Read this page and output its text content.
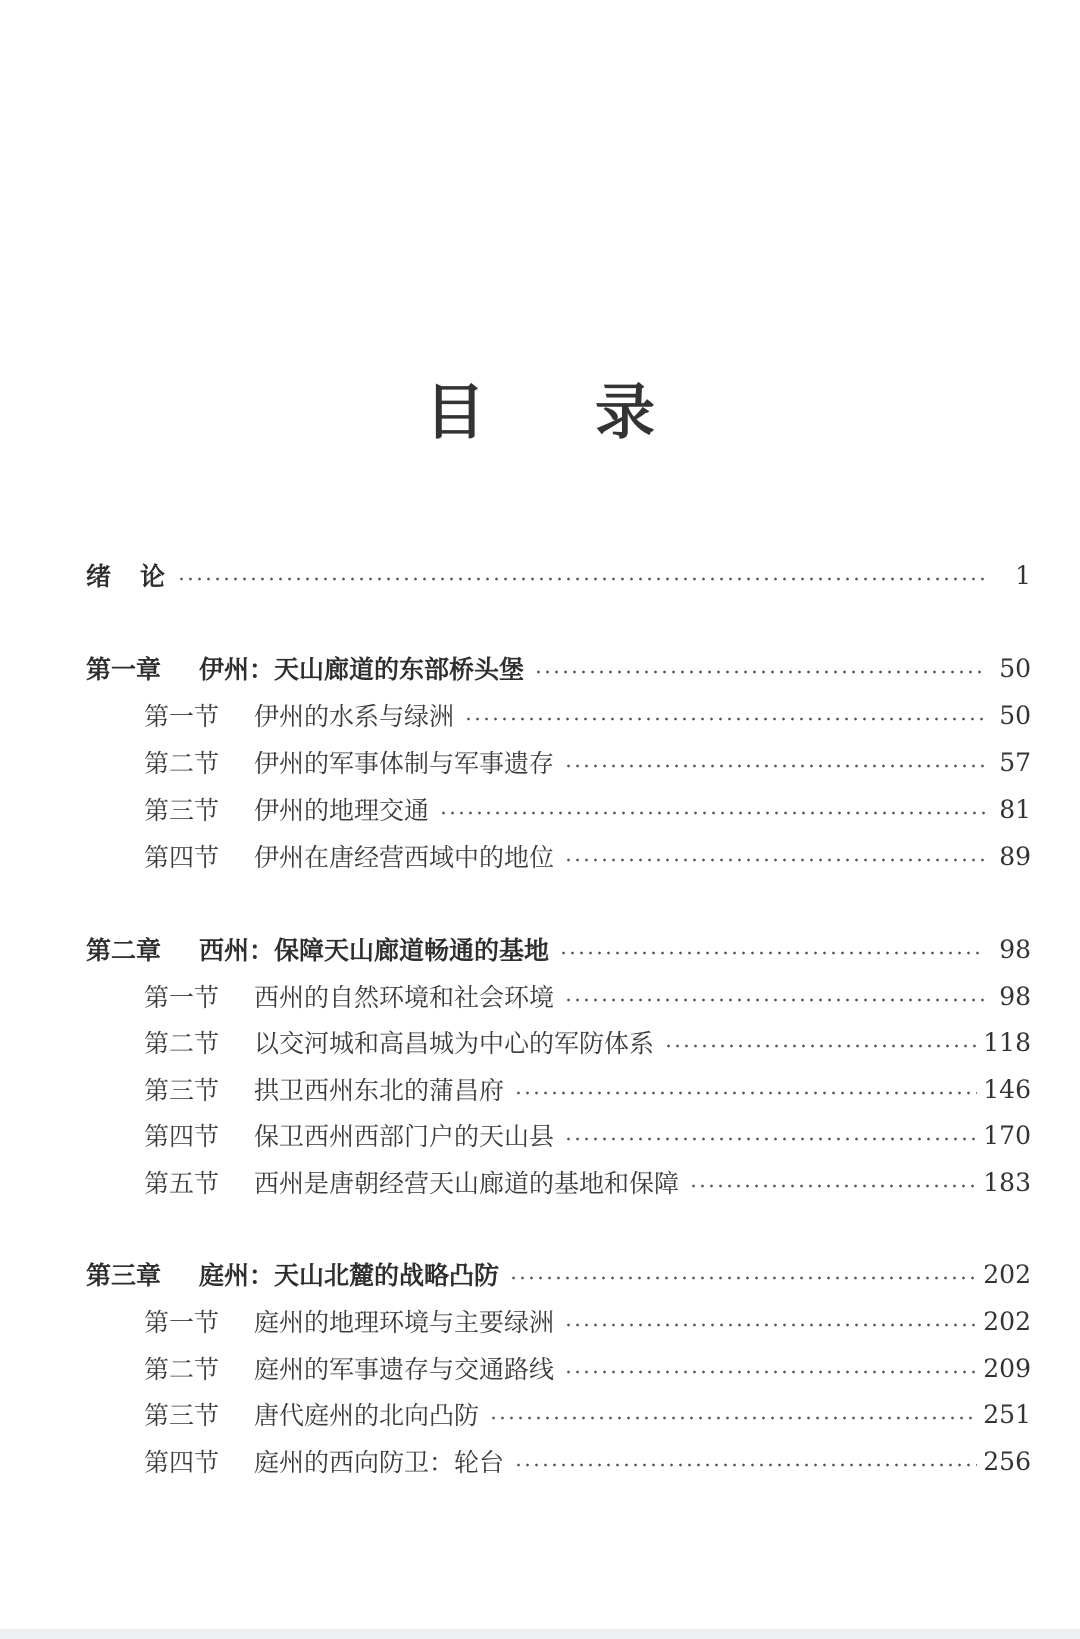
目 录
绪　论	1
第一章	伊州：天山廊道的东部桥头堡	50
第一节	伊州的水系与绿洲	50
第二节	伊州的军事体制与军事遗存	57
第三节	伊州的地理交通	81
第四节	伊州在唐经营西域中的地位	89
第二章	西州：保障天山廊道畅通的基地	98
第一节	西州的自然环境和社会环境	98
第二节	以交河城和高昌城为中心的军防体系	118
第三节	拱卫西州东北的蒲昌府	146
第四节	保卫西州西部门户的天山县	170
第五节	西州是唐朝经营天山廊道的基地和保障	183
第三章	庭州：天山北麓的战略凸防	202
第一节	庭州的地理环境与主要绿洲	202
第二节	庭州的军事遗存与交通路线	209
第三节	唐代庭州的北向凸防	251
第四节	庭州的西向防卫：轮台	256
